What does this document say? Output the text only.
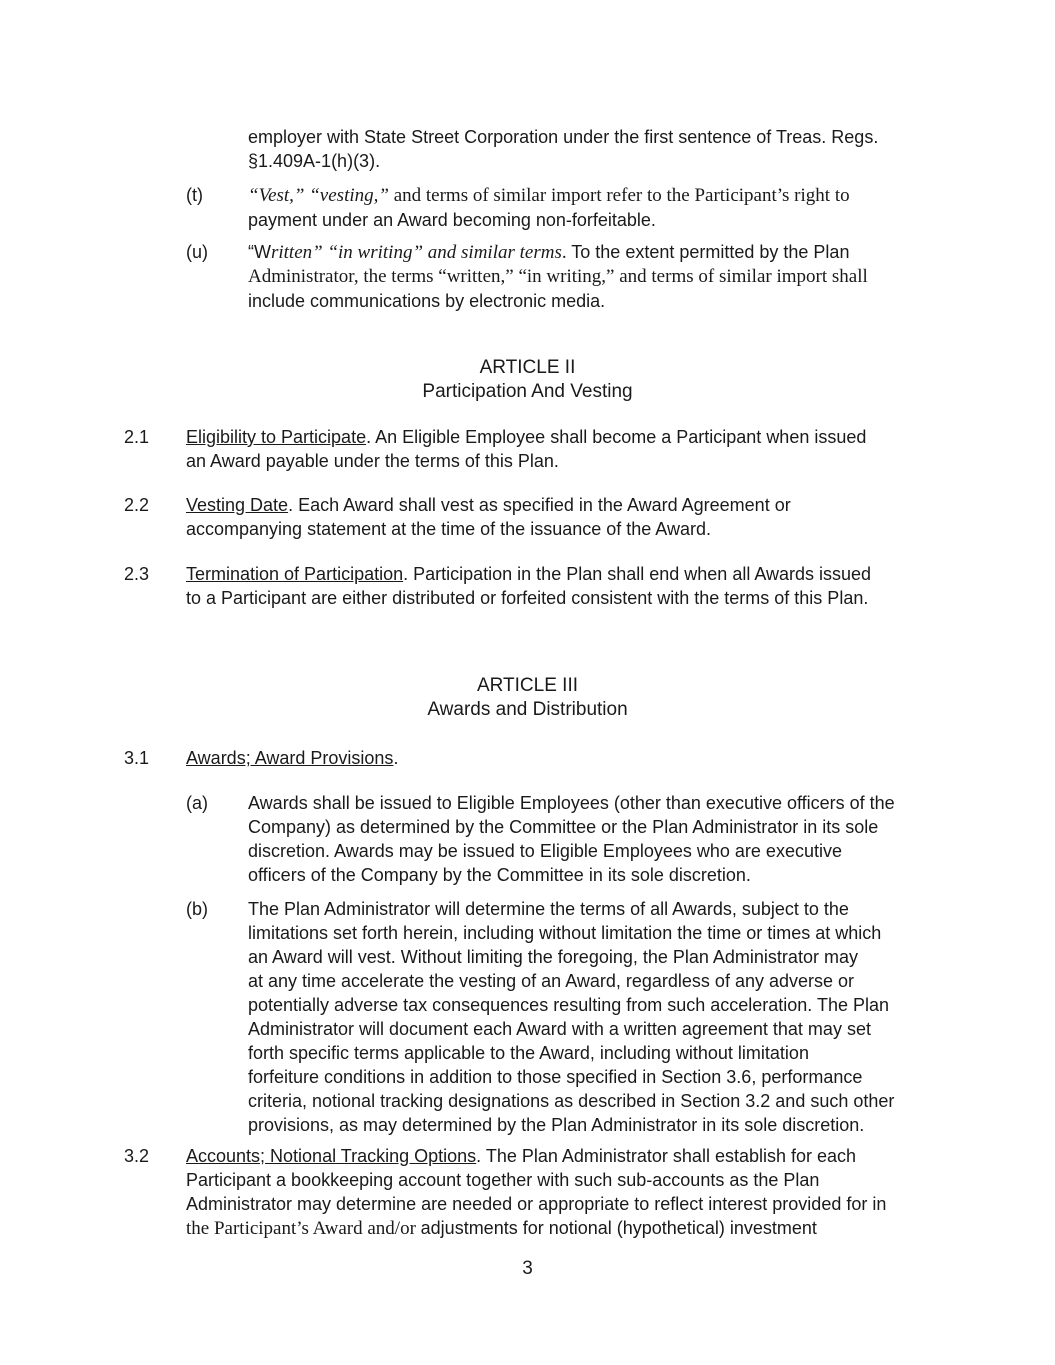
employer with State Street Corporation under the first sentence of Treas. Regs.

§1.409A-1(h)(3).

(t) “Vest,” “vesting,” and terms of similar import refer to the Participant’s right to

payment under an Award becoming non-forfeitable.

(u) “Written” “in writing” and similar terms. To the extent permitted by the Plan

Administrator, the terms “written,” “in writing,” and terms of similar import shall

include communications by electronic media.

ARTICLE II
Participation And Vesting
2.1 Eligibility to Participate. An Eligible Employee shall become a Participant when issued

an Award payable under the terms of this Plan.

2.2 Vesting Date. Each Award shall vest as specified in the Award Agreement or

accompanying statement at the time of the issuance of the Award.

2.3 Termination of Participation. Participation in the Plan shall end when all Awards issued

to a Participant are either distributed or forfeited consistent with the terms of this Plan.

ARTICLE III
Awards and Distribution
3.1 Awards; Award Provisions.

(a) Awards shall be issued to Eligible Employees (other than executive officers of the

Company) as determined by the Committee or the Plan Administrator in its sole

discretion. Awards may be issued to Eligible Employees who are executive

officers of the Company by the Committee in its sole discretion.

(b) The Plan Administrator will determine the terms of all Awards, subject to the

limitations set forth herein, including without limitation the time or times at which

an Award will vest. Without limiting the foregoing, the Plan Administrator may

at any time accelerate the vesting of an Award, regardless of any adverse or

potentially adverse tax consequences resulting from such acceleration. The Plan

Administrator will document each Award with a written agreement that may set

forth specific terms applicable to the Award, including without limitation

forfeiture conditions in addition to those specified in Section 3.6, performance

criteria, notional tracking designations as described in Section 3.2 and such other

provisions, as may determined by the Plan Administrator in its sole discretion.

3.2 Accounts; Notional Tracking Options. The Plan Administrator shall establish for each

Participant a bookkeeping account together with such sub-accounts as the Plan

Administrator may determine are needed or appropriate to reflect interest provided for in

the Participant’s Award and/or adjustments for notional (hypothetical) investment

3
